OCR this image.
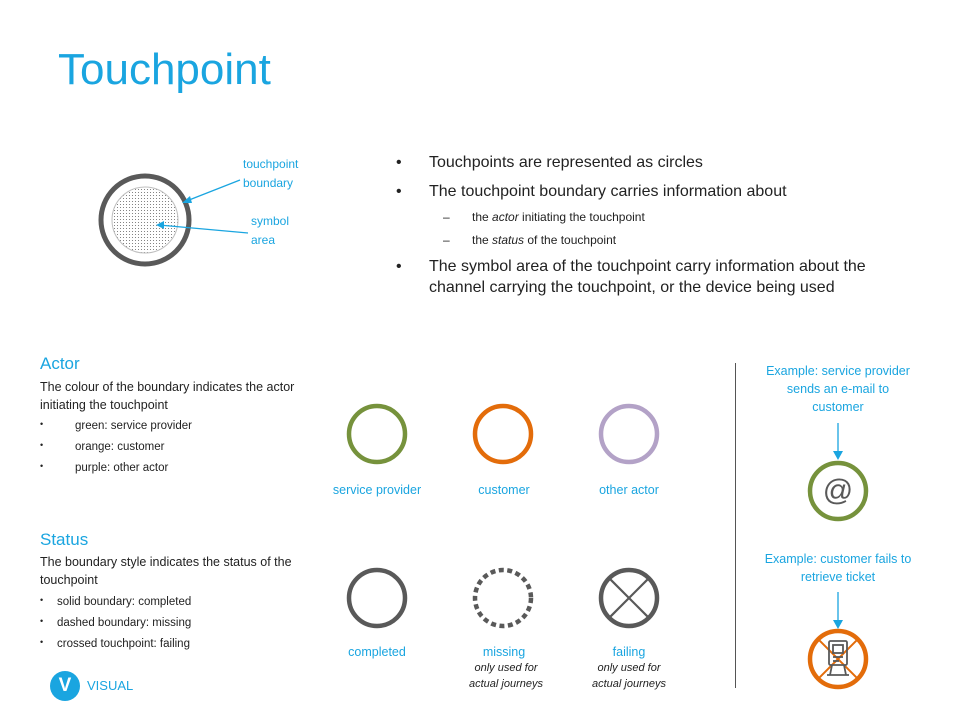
Touchpoint
touchpoint
boundary
symbol
area
• Touchpoints are represented as circles
• The touchpoint boundary carries information about
– the actor initiating the touchpoint
– the status of the touchpoint
• The symbol area of the touchpoint carry information about the channel carrying the touchpoint, or the device being used
Actor
The colour of the boundary indicates the actor initiating the touchpoint
• green: service provider
• orange: customer
• purple: other actor
Status
The boundary style indicates the status of the touchpoint
• solid boundary: completed
• dashed boundary: missing
• crossed touchpoint: failing
service provider	customer	other actor
completed	missing	failing
only used for
actual journeys
only used for
actual journeys
Example: service provider sends an e-mail to customer
@
Example: customer fails to retrieve ticket
V	VISUAL
